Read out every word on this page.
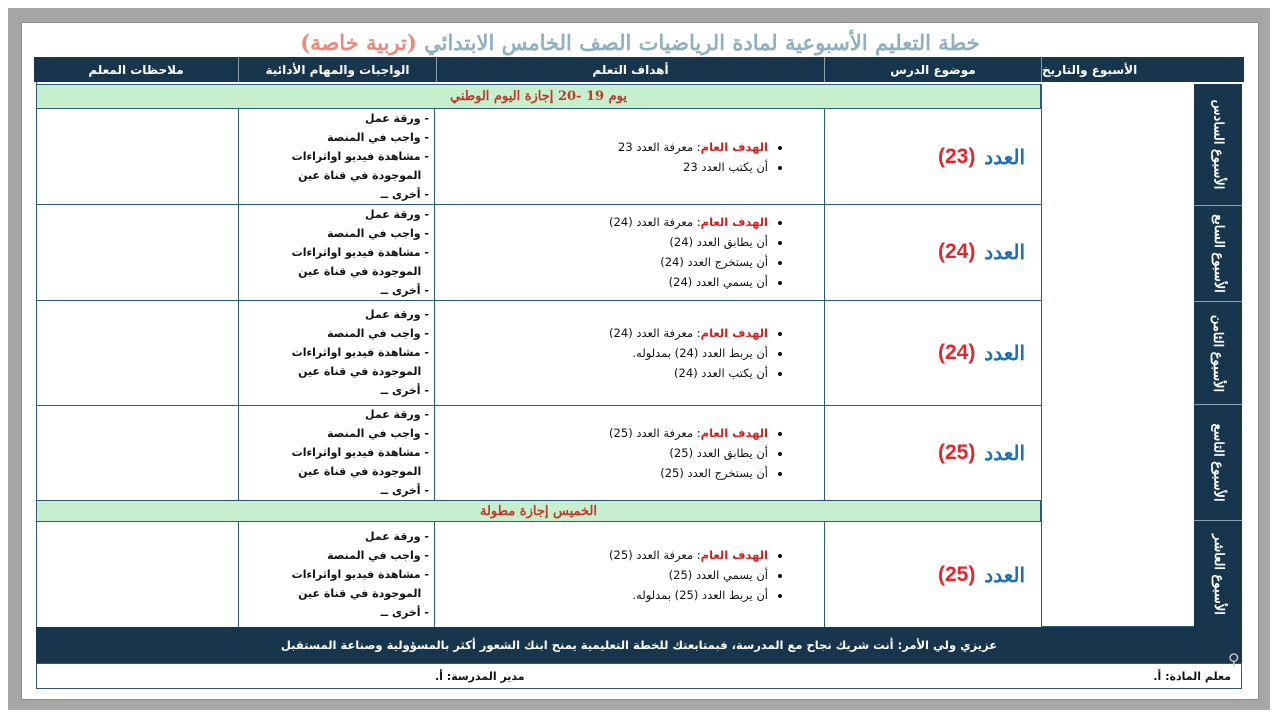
خطة التعليم الأسبوعية لمادة الرياضيات الصف الخامس الابتدائي (تربية خاصة)
الأسبوع والتاريخ
موضوع الدرس
أهداف التعلم
الواجبات والمهام الأدائية
ملاحظات المعلم
الأسبوع السادس
الأسبوع السابع
الأسبوع الثامن
الأسبوع التاسع
الأسبوع العاشر
يوم 19 -20 إجازة اليوم الوطني
الخميس إجازة مطولة
العدد

(23)
• الهدف العام: معرفة العدد 23
• أن يكتب العدد 23
- ورقة عمل
- واجب في المنصة
- مشاهدة فيديو اواثراءات
الموجودة في قناة عين
- أخرى ــ
العدد

(24)
• الهدف العام: معرفة العدد (24)
• أن يطابق العدد (24)
• أن يستخرج العدد (24)
• أن يسمي العدد (24)
- ورقة عمل
- واجب في المنصة
- مشاهدة فيديو اواثراءات
الموجودة في قناة عين
- أخرى ــ
العدد

(24)
• الهدف العام: معرفة العدد (24)
• أن يربط العدد (24) بمدلوله.
• أن يكتب العدد (24)
- ورقة عمل
- واجب في المنصة
- مشاهدة فيديو اواثراءات
الموجودة في قناة عين
- أخرى ــ
العدد

(25)
• الهدف العام: معرفة العدد (25)
• أن يطابق العدد (25)
• أن يستخرج العدد (25)
- ورقة عمل
- واجب في المنصة
- مشاهدة فيديو اواثراءات
الموجودة في قناة عين
- أخرى ــ
العدد

(25)
• الهدف العام: معرفة العدد (25)
• أن يسمي العدد (25)
• أن يربط العدد (25) بمدلوله.
- ورقة عمل
- واجب في المنصة
- مشاهدة فيديو اواثراءات
الموجودة في قناة عين
- أخرى ــ
عزيزي ولي الأمر: أنت شريك نجاح مع المدرسة، فبمتابعتك للخطة التعليمية يمنح ابنك الشعور أكثر بالمسؤولية وصناعة المستقبل
معلم المادة: أ.
مدير المدرسة: أ.
⚲
